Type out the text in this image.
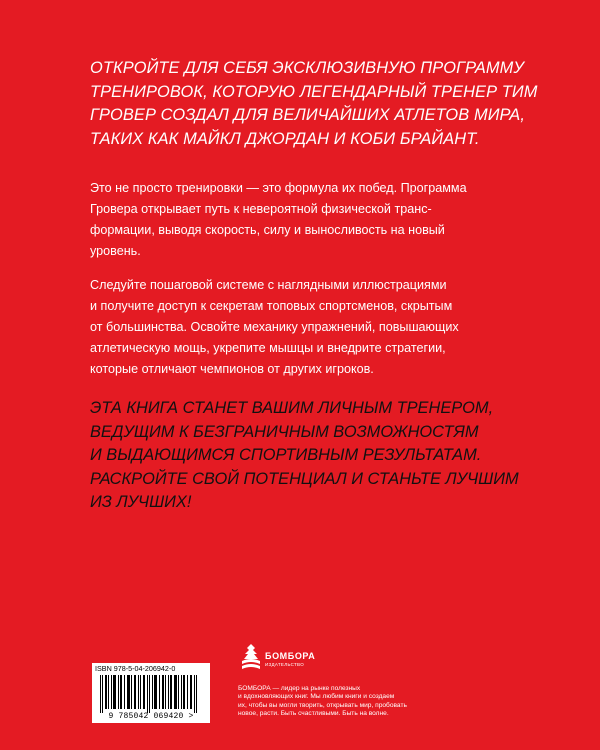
ОТКРОЙТЕ ДЛЯ СЕБЯ ЭКСКЛЮЗИВНУЮ ПРОГРАММУ
ТРЕНИРОВОК, КОТОРУЮ ЛЕГЕНДАРНЫЙ ТРЕНЕР ТИМ
ГРОВЕР СОЗДАЛ ДЛЯ ВЕЛИЧАЙШИХ АТЛЕТОВ МИРА,
ТАКИХ КАК МАЙКЛ ДЖОРДАН И КОБИ БРАЙАНТ.

Это не просто тренировки — это формула их побед. Программа
Гровера открывает путь к невероятной физической транс-
формации, выводя скорость, силу и выносливость на новый
уровень.

Следуйте пошаговой системе с наглядными иллюстрациями
и получите доступ к секретам топовых спортсменов, скрытым
от большинства. Освойте механику упражнений, повышающих
атлетическую мощь, укрепите мышцы и внедрите стратегии,
которые отличают чемпионов от других игроков.

ЭТА КНИГА СТАНЕТ ВАШИМ ЛИЧНЫМ ТРЕНЕРОМ,
ВЕДУЩИМ К БЕЗГРАНИЧНЫМ ВОЗМОЖНОСТЯМ
И ВЫДАЮЩИМСЯ СПОРТИВНЫМ РЕЗУЛЬТАТАМ.
РАСКРОЙТЕ СВОЙ ПОТЕНЦИАЛ И СТАНЬТЕ ЛУЧШИМ
ИЗ ЛУЧШИХ!

ISBN 978-5-04-206942-0
9 785042 069420 >
БОМБОРА
ИЗДАТЕЛЬСТВО
БОМБОРА — лидер на рынке полезных
и вдохновляющих книг. Мы любим книги и создаем
их, чтобы вы могли творить, открывать мир, пробовать
новое, расти. Быть счастливыми. Быть на волне.
